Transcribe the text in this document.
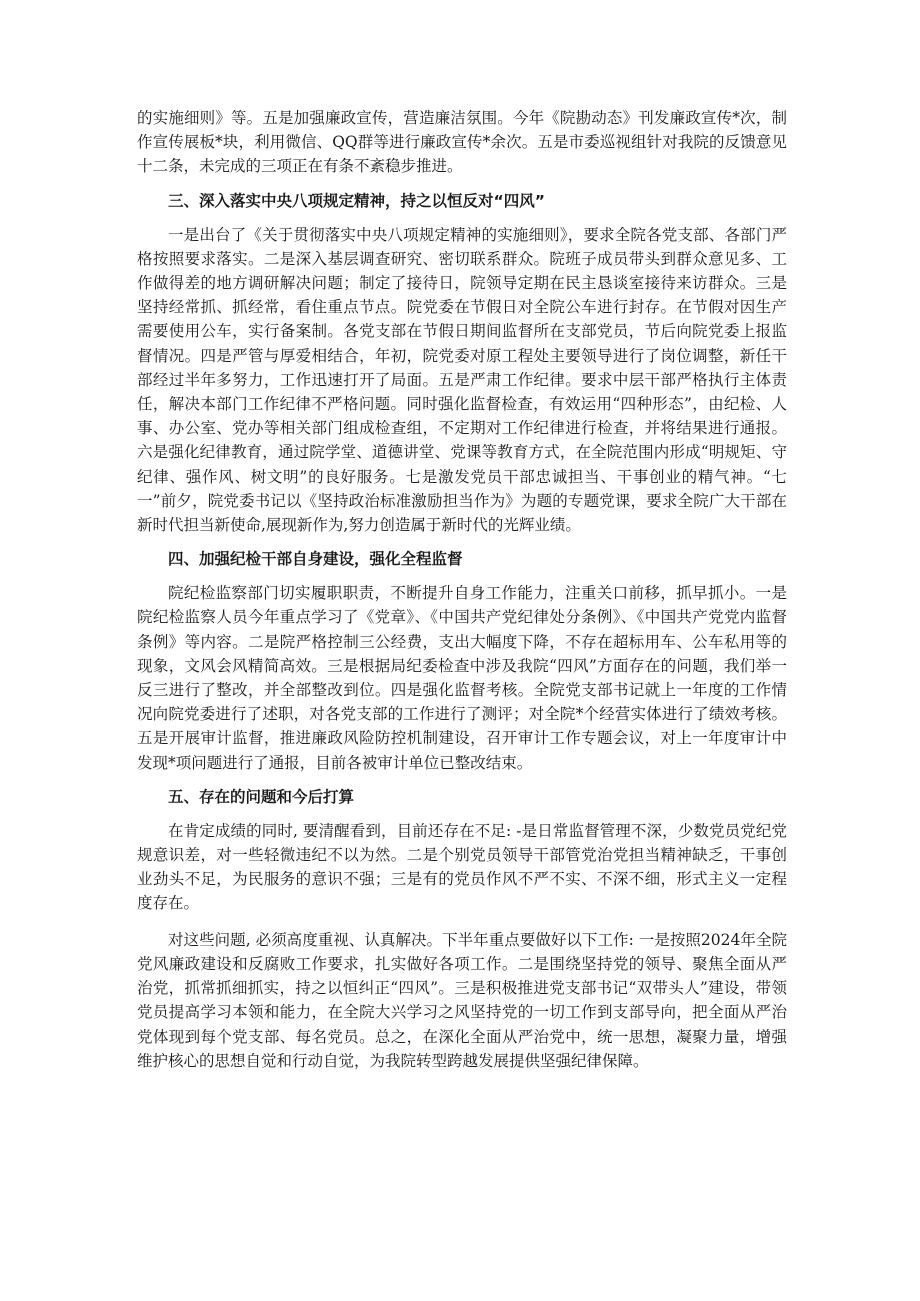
的实施细则》等。五是加强廉政宣传，营造廉洁氛围。今年《院勘动态》刊发廉政宣传*次，制作宣传展板*块，利用微信、QQ群等进行廉政宣传*余次。五是市委巡视组针对我院的反馈意见十二条，未完成的三项正在有条不紊稳步推进。

三、深入落实中央八项规定精神，持之以恒反对“四风”

一是出台了《关于贯彻落实中央八项规定精神的实施细则》，要求全院各党支部、各部门严格按照要求落实。二是深入基层调查研究、密切联系群众。院班子成员带头到群众意见多、工作做得差的地方调研解决问题；制定了接待日，院领导定期在民主恳谈室接待来访群众。三是坚持经常抓、抓经常，看住重点节点。院党委在节假日对全院公车进行封存。在节假对因生产需要使用公车，实行备案制。各党支部在节假日期间监督所在支部党员，节后向院党委上报监督情况。四是严管与厚爱相结合，年初，院党委对原工程处主要领导进行了岗位调整，新任干部经过半年多努力，工作迅速打开了局面。五是严肃工作纪律。要求中层干部严格执行主体责任，解决本部门工作纪律不严格问题。同时强化监督检查，有效运用“四种形态”，由纪检、人事、办公室、党办等相关部门组成检查组，不定期对工作纪律进行检查，并将结果进行通报。六是强化纪律教育，通过院学堂、道德讲堂、党课等教育方式，在全院范围内形成“明规矩、守纪律、强作风、树文明”的良好服务。七是激发党员干部忠诚担当、干事创业的精气神。“七一”前夕，院党委书记以《坚持政治标准激励担当作为》为题的专题党课，要求全院广大干部在新时代担当新使命,展现新作为,努力创造属于新时代的光辉业绩。

四、加强纪检干部自身建设，强化全程监督

院纪检监察部门切实履职职责，不断提升自身工作能力，注重关口前移，抓早抓小。一是院纪检监察人员今年重点学习了《党章》、《中国共产党纪律处分条例》、《中国共产党党内监督条例》等内容。二是院严格控制三公经费，支出大幅度下降，不存在超标用车、公车私用等的现象，文风会风精简高效。三是根据局纪委检查中涉及我院“四风”方面存在的问题，我们举一反三进行了整改，并全部整改到位。四是强化监督考核。全院党支部书记就上一年度的工作情况向院党委进行了述职，对各党支部的工作进行了测评；对全院*个经营实体进行了绩效考核。五是开展审计监督，推进廉政风险防控机制建设，召开审计工作专题会议，对上一年度审计中发现*项问题进行了通报，目前各被审计单位已整改结束。

五、存在的问题和今后打算

在肯定成绩的同时, 要清醒看到，目前还存在不足: -是日常监督管理不深，少数党员党纪党规意识差，对一些轻微违纪不以为然。二是个别党员领导干部管党治党担当精神缺乏，干事创业劲头不足，为民服务的意识不强；三是有的党员作风不严不实、不深不细，形式主义一定程度存在。

对这些问题, 必须高度重视、认真解决。下半年重点要做好以下工作: 一是按照2024年全院党风廉政建设和反腐败工作要求，扎实做好各项工作。二是围绕坚持党的领导、聚焦全面从严治党，抓常抓细抓实，持之以恒纠正“四风”。三是积极推进党支部书记“双带头人”建设，带领党员提高学习本领和能力，在全院大兴学习之风坚持党的一切工作到支部导向，把全面从严治党体现到每个党支部、每名党员。总之，在深化全面从严治党中，统一思想，凝聚力量，增强维护核心的思想自觉和行动自觉，为我院转型跨越发展提供坚强纪律保障。
